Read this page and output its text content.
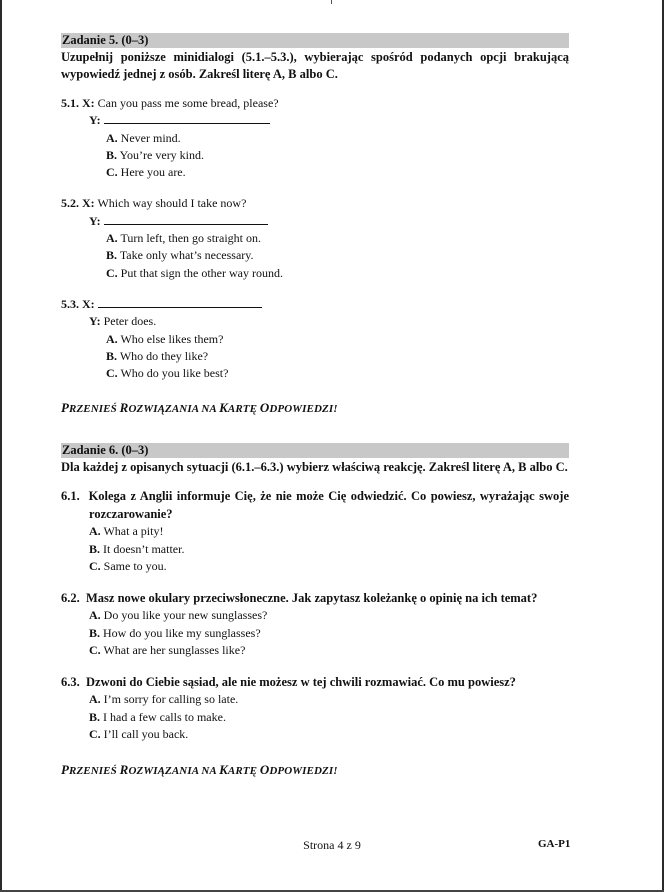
Zadanie 5. (0–3)
Uzupełnij poniższe minidialogi (5.1.–5.3.), wybierając spośród podanych opcji brakującą wypowiedź jednej z osób. Zakreśl literę A, B albo C.
5.1. X: Can you pass me some bread, please?
Y:
A. Never mind.
B. You’re very kind.
C. Here you are.
5.2. X: Which way should I take now?
Y:
A. Turn left, then go straight on.
B. Take only what’s necessary.
C. Put that sign the other way round.
5.3. X:
Y: Peter does.
A. Who else likes them?
B. Who do they like?
C. Who do you like best?
PRZENIEŚ ROZWIĄZANIA NA KARTĘ ODPOWIEDZI!
Zadanie 6. (0–3)
Dla każdej z opisanych sytuacji (6.1.–6.3.) wybierz właściwą reakcję. Zakreśl literę A, B albo C.
6.1. Kolega z Anglii informuje Cię, że nie może Cię odwiedzić. Co powiesz, wyrażając swoje rozczarowanie?
A. What a pity!
B. It doesn’t matter.
C. Same to you.
6.2. Masz nowe okulary przeciwsłoneczne. Jak zapytasz koleżankę o opinię na ich temat?
A. Do you like your new sunglasses?
B. How do you like my sunglasses?
C. What are her sunglasses like?
6.3. Dzwoni do Ciebie sąsiad, ale nie możesz w tej chwili rozmawiać. Co mu powiesz?
A. I’m sorry for calling so late.
B. I had a few calls to make.
C. I’ll call you back.
PRZENIEŚ ROZWIĄZANIA NA KARTĘ ODPOWIEDZI!
Strona 4 z 9	GA-P1
